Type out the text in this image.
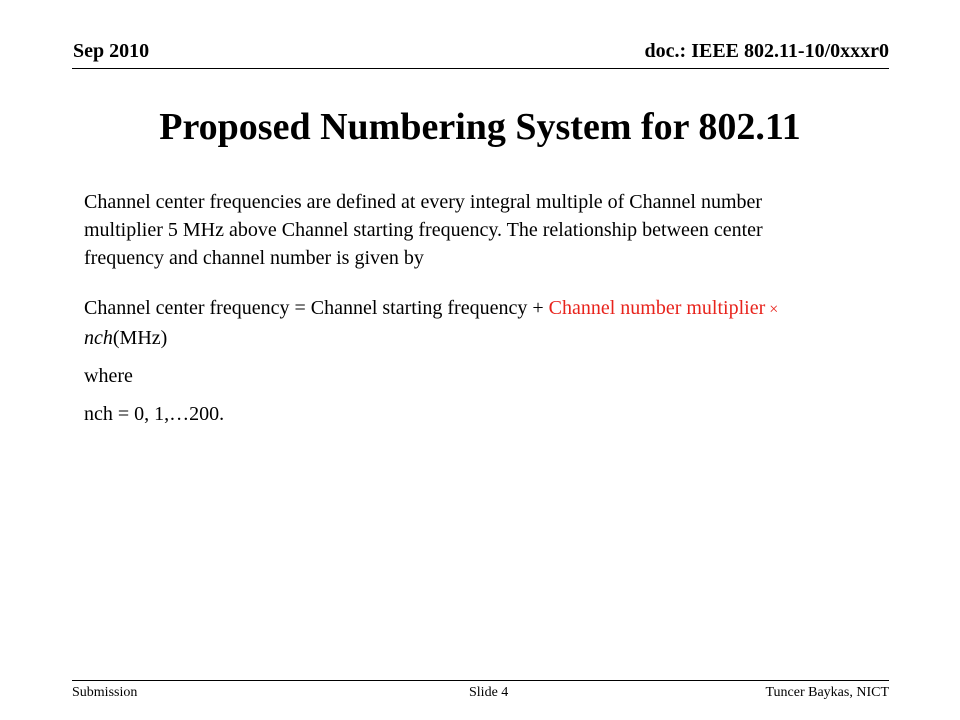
Sep 2010	doc.: IEEE 802.11-10/0xxxr0
Proposed Numbering System for 802.11

Channel center frequencies are defined at every integral multiple of Channel number multiplier 5 MHz above Channel starting frequency. The relationship between center frequency and channel number is given by

Channel center frequency = Channel starting frequency + Channel number multiplier × nch(MHz)

where

nch = 0, 1,…200.

Submission	Slide 4	Tuncer Baykas, NICT
